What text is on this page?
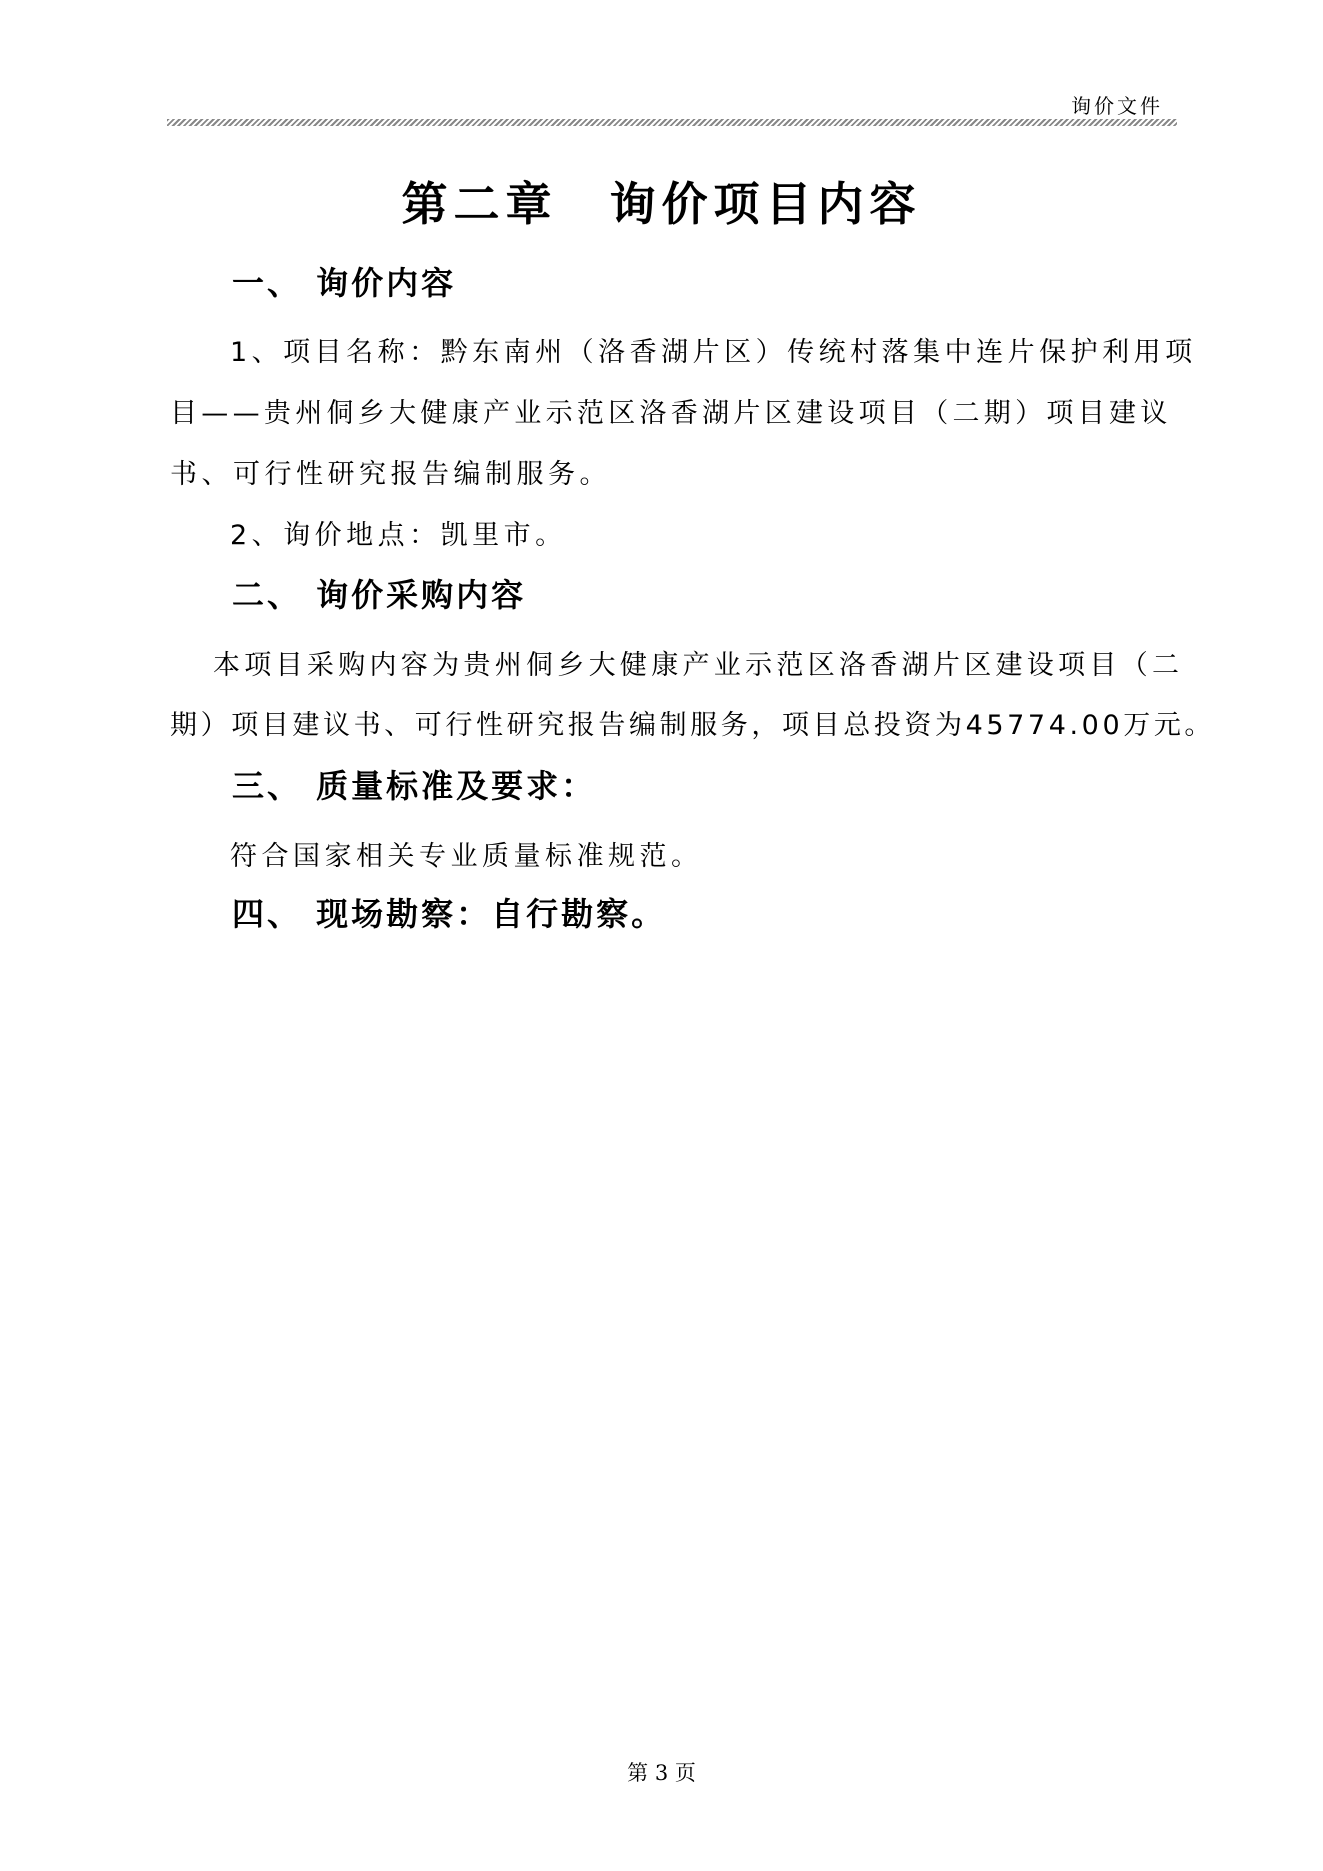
询价文件
第二章　询价项目内容
一、 询价内容
1、项目名称：黔东南州（洛香湖片区）传统村落集中连片保护利用项
目——贵州侗乡大健康产业示范区洛香湖片区建设项目（二期）项目建议
书、可行性研究报告编制服务。
2、询价地点：凯里市。
二、 询价采购内容
本项目采购内容为贵州侗乡大健康产业示范区洛香湖片区建设项目（二
期）项目建议书、可行性研究报告编制服务，项目总投资为45774.00万元。
三、 质量标准及要求：
符合国家相关专业质量标准规范。
四、 现场勘察：自行勘察。
第 3 页
